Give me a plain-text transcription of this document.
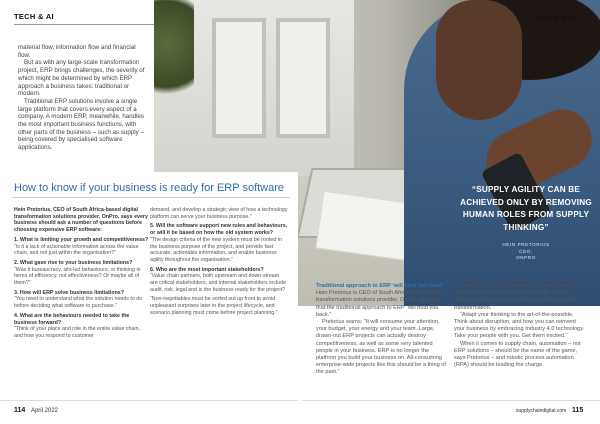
TECH & AI	TECH & AI

material flow, information flow and financial flow.

But as with any large-scale transformation project, ERP brings challenges, the severity of which might be determined by which ERP approach a business takes: traditional or modern.

Traditional ERP solutions involve a single large platform that covers every aspect of a company. A modern ERP, meanwhile, handles the most important business functions, with other parts of the business – such as supply – being covered by specialised software applications.

How to know if your business is ready for ERP software

Hein Pretorius, CEO of South Africa-based digital transformation solutions provider, OnPro, says every business should ask a number of questions before choosing expensive ERP software:

1. What is limiting your growth and competitiveness?

“Is it a lack of actionable information across the value chain, and not just within the organisation?”

2. What gave rise to your business limitations?

“Was it bureaucracy, silo-led behaviours, or thinking in terms of efficiency, not effectiveness? Or maybe all of them?”

3. How will ERP solve business limitations?

“You need to understand what the solution needs to do before deciding what software to purchase.”

4. What are the behaviours needed to take the business forward?

“Think of your place and role in the entire value chain, and how you respond to customer

demand, and develop a strategic view of how a technology platform can serve your business purpose.”

5. Will the software support new rules and behaviours, or will it be based on how the old system works?

“The design criteria of the new system must be rooted in the business purpose of the project, and provide fast accurate, actionable information, and enable business agility throughout the organisation.”

6. Who are the most important stakeholders?

“Value chain partners, both upstream and down-stream are critical stakeholders, and internal stakeholders include audit, risk, legal and is the business ready for the project?

“Non-negotiables must be sorted out up front to avoid unpleasant surprises later in the project lifecycle, and scenario planning must come before project planning.”

“SUPPLY AGILITY CAN BE ACHIEVED ONLY BY REMOVING HUMAN ROLES FROM SUPPLY THINKING”
HEIN PRETORIUS
CEO,
ONPRO

Traditional approach to ERP ‘will hold you back’

Hein Pretorius is CEO of South Africa-based digital transformation solutions provider, OnPro. He says that the traditional approach to ERP “will hold you back.”

Pretorius warns: “It will consume your attention, your budget, your energy and your team. Large, drawn-out ERP projects can actually destroy competitiveness, as well as some very talented people in your business. ERP is no longer the platform you build your business on. All-consuming enterprise-wide projects like this should be a thing of the past.”

Instead, he urges businesses to invest their time, energy, budget and – most importantly – their strategic thinking into how to best embrace digital transformation.

“Adapt your thinking to the art-of-the-possible. Think about disruption, and how you can reinvent your business by embracing Industry 4.0 technology. Take your people with you. Get them excited.”

When it comes to supply chain, automation – not ERP solutions – should be the name of the game, says Pretorius – and robotic process automation (RPA) should be leading the charge.

114 April 2022	supplychaindigital.com 115
